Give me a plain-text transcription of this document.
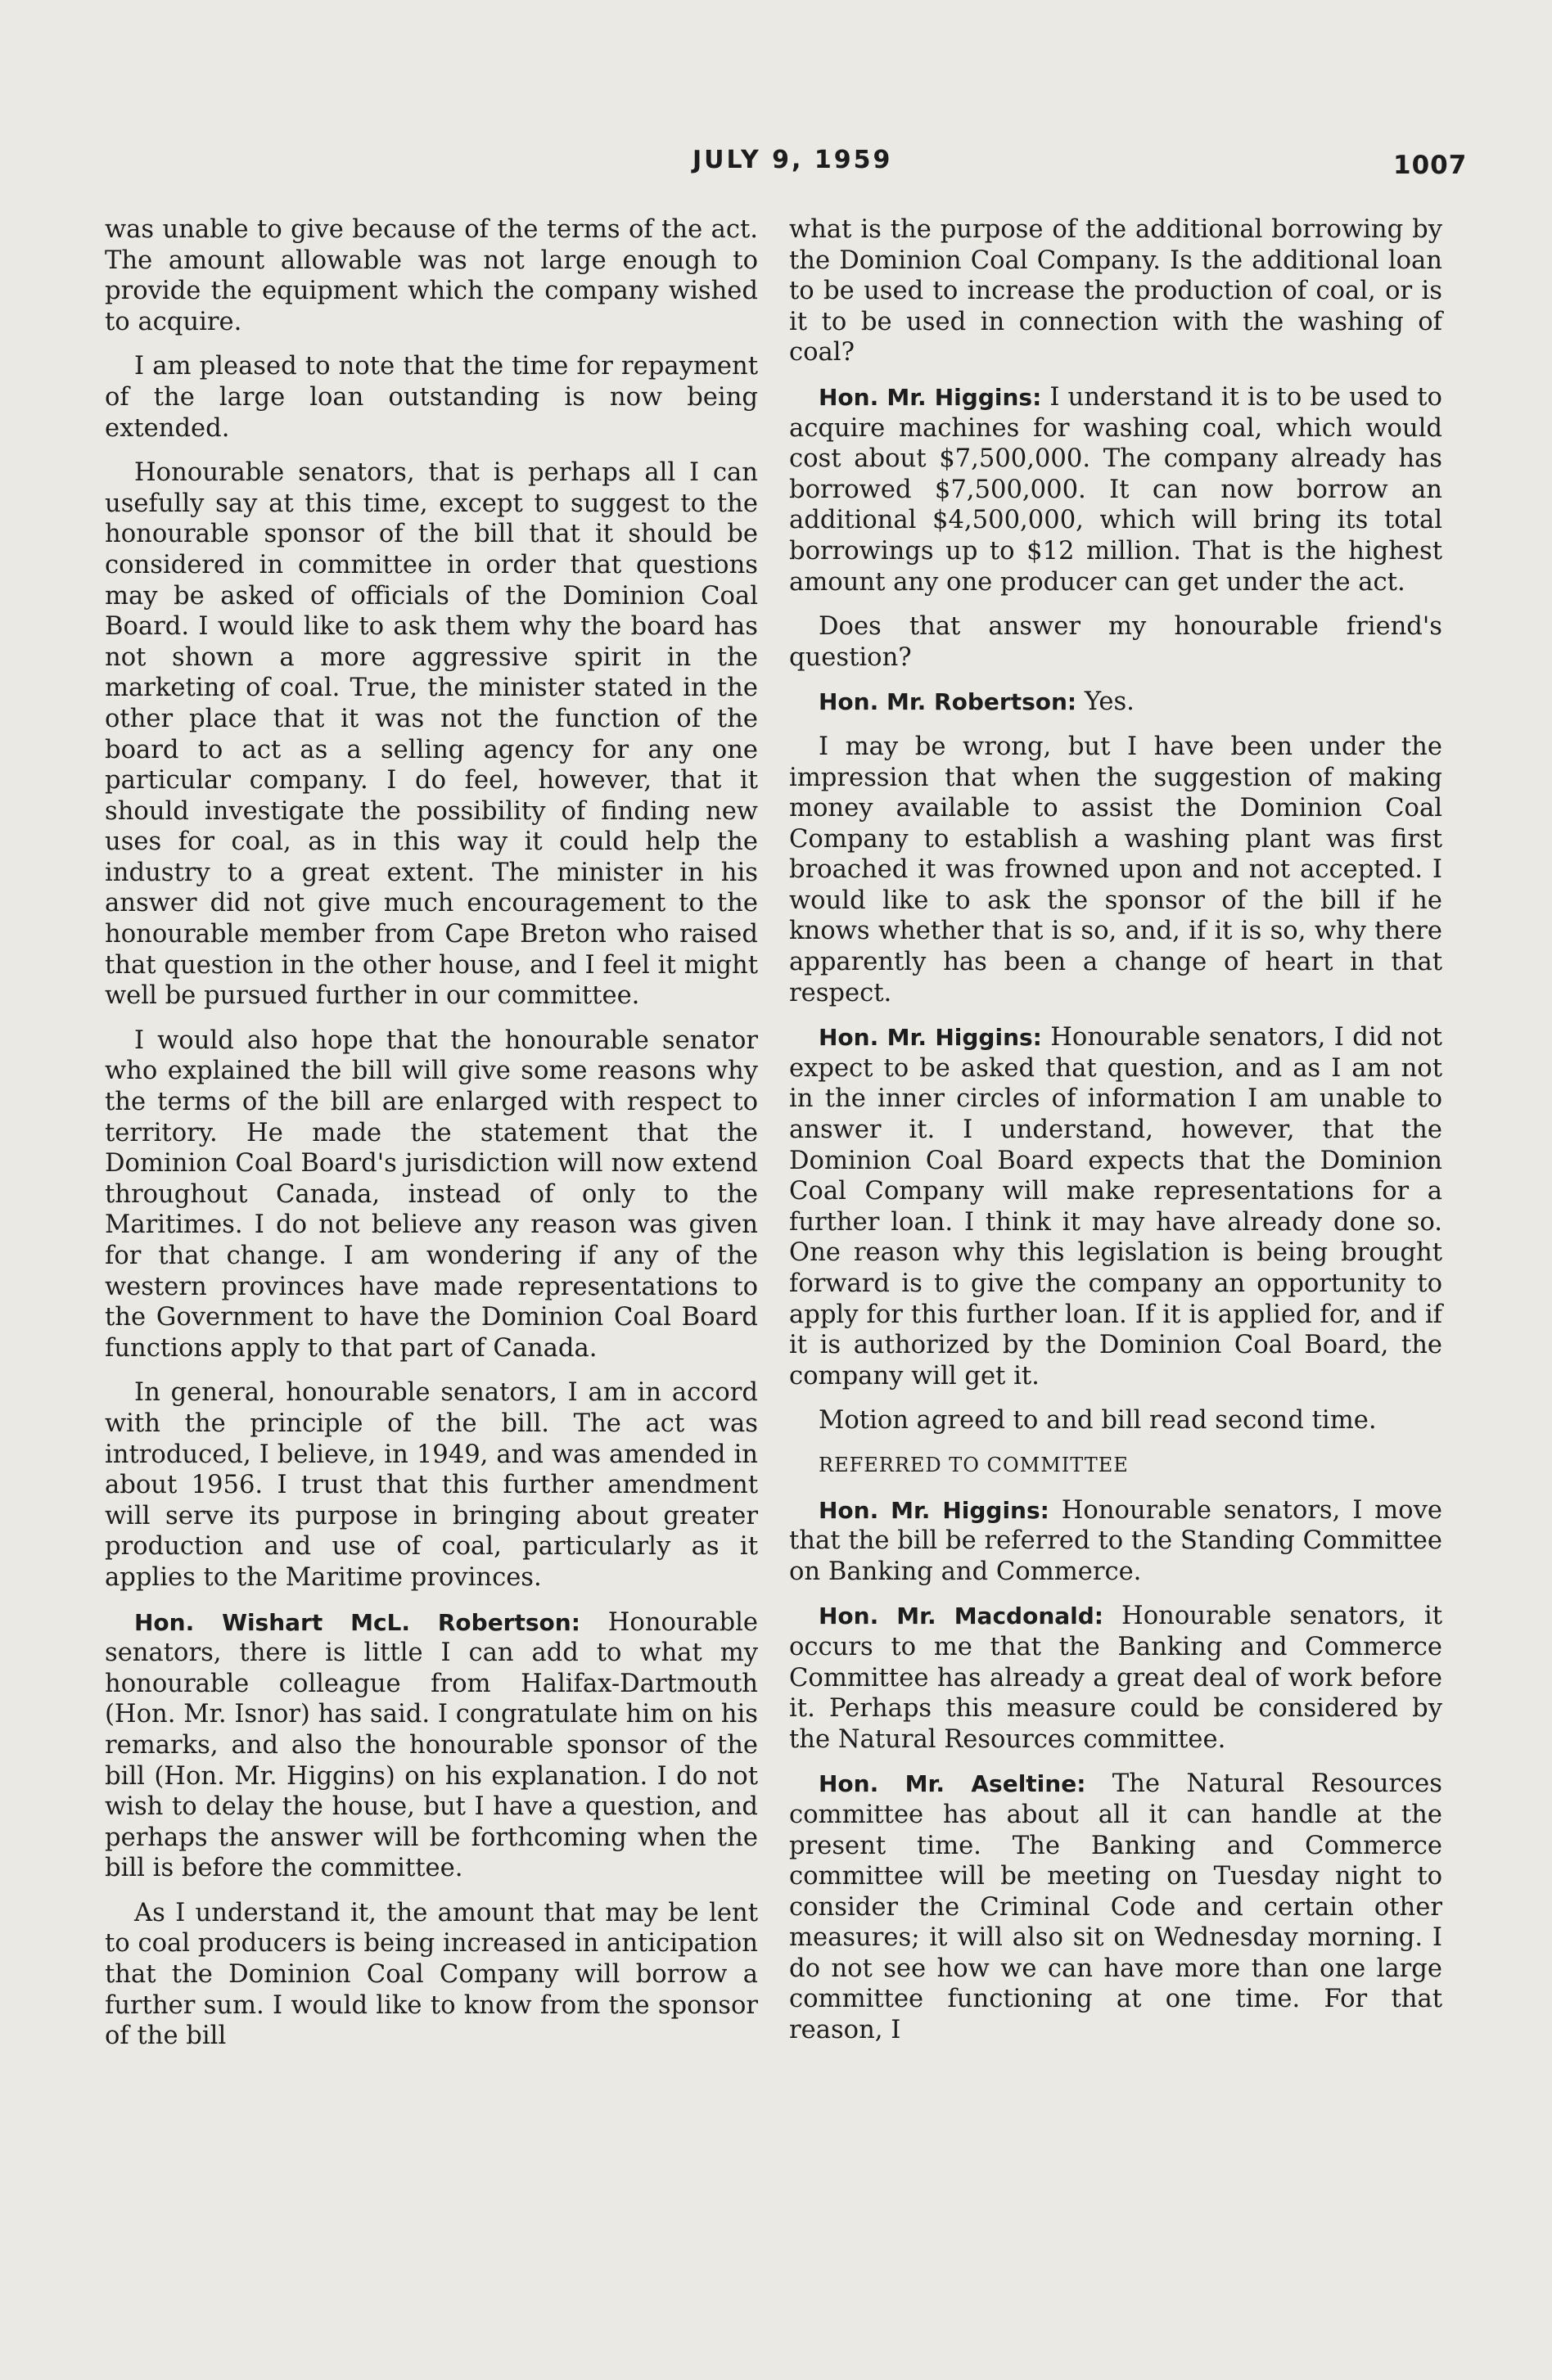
JULY 9, 1959	1007

was unable to give because of the terms of the act. The amount allowable was not large enough to provide the equipment which the company wished to acquire.

I am pleased to note that the time for repayment of the large loan outstanding is now being extended.

Honourable senators, that is perhaps all I can usefully say at this time, except to suggest to the honourable sponsor of the bill that it should be considered in committee in order that questions may be asked of officials of the Dominion Coal Board. I would like to ask them why the board has not shown a more aggressive spirit in the marketing of coal. True, the minister stated in the other place that it was not the function of the board to act as a selling agency for any one particular company. I do feel, however, that it should investigate the possibility of finding new uses for coal, as in this way it could help the industry to a great extent. The minister in his answer did not give much encouragement to the honourable member from Cape Breton who raised that question in the other house, and I feel it might well be pursued further in our committee.

I would also hope that the honourable senator who explained the bill will give some reasons why the terms of the bill are enlarged with respect to territory. He made the statement that the Dominion Coal Board's jurisdiction will now extend throughout Canada, instead of only to the Maritimes. I do not believe any reason was given for that change. I am wondering if any of the western provinces have made representations to the Government to have the Dominion Coal Board functions apply to that part of Canada.

In general, honourable senators, I am in accord with the principle of the bill. The act was introduced, I believe, in 1949, and was amended in about 1956. I trust that this further amendment will serve its purpose in bringing about greater production and use of coal, particularly as it applies to the Maritime provinces.

Hon. Wishart McL. Robertson: Honourable senators, there is little I can add to what my honourable colleague from Halifax-Dartmouth (Hon. Mr. Isnor) has said. I congratulate him on his remarks, and also the honourable sponsor of the bill (Hon. Mr. Higgins) on his explanation. I do not wish to delay the house, but I have a question, and perhaps the answer will be forthcoming when the bill is before the committee.

As I understand it, the amount that may be lent to coal producers is being increased in anticipation that the Dominion Coal Company will borrow a further sum. I would like to know from the sponsor of the bill

what is the purpose of the additional borrowing by the Dominion Coal Company. Is the additional loan to be used to increase the production of coal, or is it to be used in connection with the washing of coal?

Hon. Mr. Higgins: I understand it is to be used to acquire machines for washing coal, which would cost about $7,500,000. The company already has borrowed $7,500,000. It can now borrow an additional $4,500,000, which will bring its total borrowings up to $12 million. That is the highest amount any one producer can get under the act.

Does that answer my honourable friend's question?

Hon. Mr. Robertson: Yes.

I may be wrong, but I have been under the impression that when the suggestion of making money available to assist the Dominion Coal Company to establish a washing plant was first broached it was frowned upon and not accepted. I would like to ask the sponsor of the bill if he knows whether that is so, and, if it is so, why there apparently has been a change of heart in that respect.

Hon. Mr. Higgins: Honourable senators, I did not expect to be asked that question, and as I am not in the inner circles of information I am unable to answer it. I understand, however, that the Dominion Coal Board expects that the Dominion Coal Company will make representations for a further loan. I think it may have already done so. One reason why this legislation is being brought forward is to give the company an opportunity to apply for this further loan. If it is applied for, and if it is authorized by the Dominion Coal Board, the company will get it.

Motion agreed to and bill read second time.

REFERRED TO COMMITTEE

Hon. Mr. Higgins: Honourable senators, I move that the bill be referred to the Standing Committee on Banking and Commerce.

Hon. Mr. Macdonald: Honourable senators, it occurs to me that the Banking and Commerce Committee has already a great deal of work before it. Perhaps this measure could be considered by the Natural Resources committee.

Hon. Mr. Aseltine: The Natural Resources committee has about all it can handle at the present time. The Banking and Commerce committee will be meeting on Tuesday night to consider the Criminal Code and certain other measures; it will also sit on Wednesday morning. I do not see how we can have more than one large committee functioning at one time. For that reason, I
